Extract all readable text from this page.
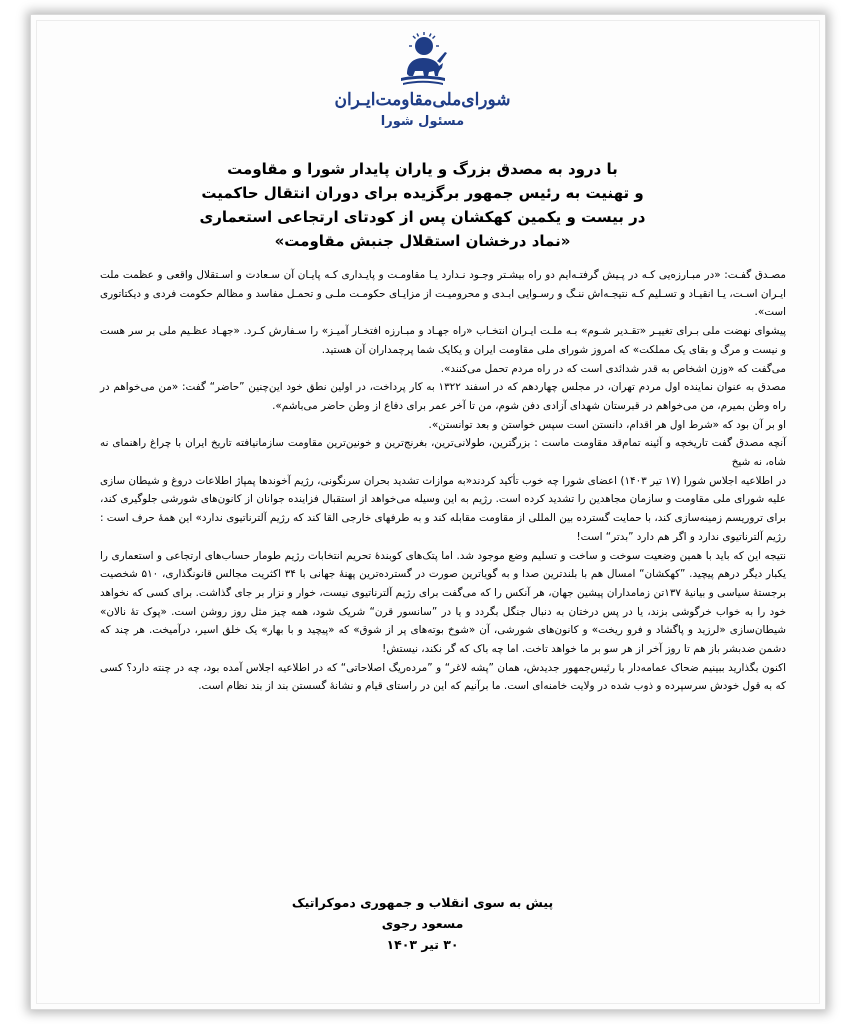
شورای‌ملی‌مقاومت‌ایـران
مسئول شورا
با درود به مصدق بزرگ و یاران پایدار شورا و مقاومت
و تهنیت به رئیس جمهور برگزیده برای دوران انتقال حاکمیت
در بیست و یکمین کهکشان پس از کودتای ارتجاعی استعماری
«نماد درخشان استقلال جنبش مقاومت»

مصـدق گفـت: «در مبـارزه‌یی کـه در پـیش گرفتـه‌ایم دو راه بیشـتر وجـود نـدارد یـا مقاومـت و پایـداری کـه پایـان آن سـعادت و اسـتقلال واقعی و عظمت ملت ایـران اسـت، یـا انقیـاد و تسـلیم کـه نتیجـه‌اش ننـگ و رسـوایی ابـدی و محرومیـت از مزایـای حکومـت ملـی و تحمـل مفاسد و مظالم حکومت فردی و دیکتاتوری است».

پیشوای نهضت ملی بـرای تغییـر «تقـدیر شـوم» بـه ملـت ایـران انتخـاب «راه جهـاد و مبـارزه افتخـار آمیـز» را سـفارش کـرد. «جهـاد عظـیم ملی بر سر هست و نیست و مرگ و بقای یک مملکت» که امروز شورای ملی مقاومت ایران و یکایک شما پرچمداران آن هستید.

می‌گفت که «وزن اشخاص به قدر شدائدی است که در راه مردم تحمل می‌کنند».

مصدق به عنوان نماینده اول مردم تهران، در مجلس چهاردهم که در اسفند ۱۳۲۲ به کار پرداخت، در اولین نطق خود این‌چنین ”حاضر“ گفت: «من می‌خواهم در راه وطن بمیرم، من می‌خواهم در قبرستان شهدای آزادی دفن شوم، من تا آخر عمر برای دفاع از وطن حاضر می‌باشم».

او بر آن بود که «شرط اول هر اقدام، دانستن است سپس خواستن و بعد توانستن».

آنچه مصدق گفت تاریخچه و آئینه تمام‌قد مقاومت ماست : بزرگترین، طولانی‌ترین، بغرنج‌ترین و خونین‌ترین مقاومت سازمانیافته تاریخ ایران با چراغ راهنمای نه شاه، نه شیخ

در اطلاعیه اجلاس شورا (۱۷ تیر ۱۴۰۳) اعضای شورا چه خوب تأکید کردند«به موازات تشدید بحران سرنگونی، رژیم آخوندها پمپاژ اطلاعات دروغ و شیطان سازی علیه شورای ملی مقاومت و سازمان مجاهدین را تشدید کرده است. رژیم به این وسیله می‌خواهد از استقبال فزاینده جوانان از کانون‌های شورشی جلوگیری کند، برای تروریسم زمینه‌سازی کند، با حمایت گسترده بین المللی از مقاومت مقابله کند و به طرفهای خارجی القا کند که رژیم آلترناتیوی ندارد» این همهٔ حرف است : رژیم آلترناتیوی ندارد و اگر هم دارد ”بدتر“ است!

نتیجه این که باید با همین وضعیت سوخت و ساخت و تسلیم وضع موجود شد. اما پتک‌های کوبندهٔ تحریم انتخابات رژیم طومار حساب‌های ارتجاعی و استعماری را یکبار دیگر درهم پیچید. ”کهکشان“ امسال هم با بلندترین صدا و به گویاترین صورت در گسترده‌ترین پهنهٔ جهانی با ۳۴ اکثریت مجالس قانونگذاری، ۵۱۰ شخصیت برجستهٔ سیاسی و بیانیهٔ ۱۳۷تن زمامداران پیشین جهان، هر آنکس را که می‌گفت برای رژیم آلترناتیوی نیست، خوار و نزار بر جای گذاشت. برای کسی که نخواهد خود را به خواب خرگوشی بزند، یا در پس درختان به دنبال جنگل بگردد و یا در ”سانسور قرن“ شریک شود، همه چیز مثل روز روشن است. «پوک تهٔ نالان» شیطان‌سازی «لرزید و پاگشاد و فرو ریخت» و کانون‌های شورشی، آن «شوخ بوته‌های پر از شوق» که «پیچید و با بهار» یک خلق اسیر، درآمیخت. هر چند که دشمن ضدبشر باز هم تا روز آخر از هر سو بر ما خواهد تاخت. اما چه باک که گر نکند، نیستش!

اکنون بگذارید ببینیم ضحاک عمامه‌دار با رئیس‌جمهور جدیدش، همان ”پشه لاغر“ و ”مرده‌ریگ اصلاحاتی“ که در اطلاعیه اجلاس آمده بود، چه در چنته دارد؟ کسی که به قول خودش سرسپرده و ذوب شده در ولایت خامنه‌ای است. ما برآنیم که این در راستای قیام و نشانهٔ گسستن بند از بند نظام است.

پیش به سوی انقلاب و جمهوری دموکراتیک
مسعود رجوی
۳۰ تیر ۱۴۰۳
